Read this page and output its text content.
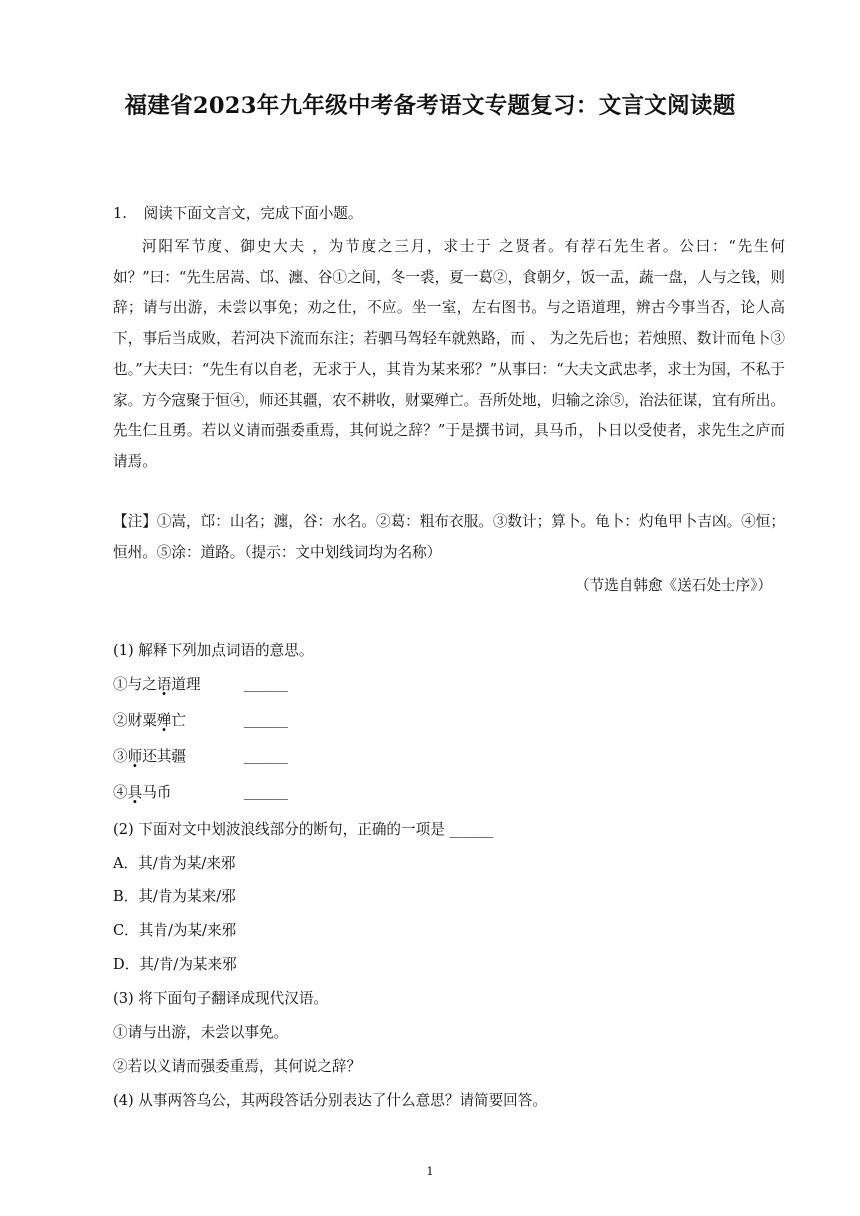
福建省2023年九年级中考备考语文专题复习：文言文阅读题
1. 阅读下面文言文，完成下面小题。
河阳军节度、御史大夫 ，为节度之三月，求士于 之贤者。有荐石先生者。公曰：“先生何如？”曰：“先生居嵩、邙、瀍、谷①之间，冬一裘，夏一葛②，食朝夕，饭一盂，蔬一盘，人与之钱，则辞；请与出游，未尝以事免；劝之仕，不应。坐一室，左右图书。与之语道理，辨古今事当否，论人高下，事后当成败，若河决下流而东注；若驷马驾轻车就熟路，而 、 为之先后也；若烛照、数计而龟卜③也。”大夫曰：“先生有以自老，无求于人，其肯为某来邪？”从事曰：“大夫文武忠孝，求士为国，不私于家。方今寇聚于恒④，师还其疆，农不耕收，财粟殚亡。吾所处地，归输之涂⑤，治法征谋，宜有所出。先生仁且勇。若以义请而强委重焉，其何说之辞？”于是撰书词，具马币，卜日以受使者，求先生之庐而请焉。
【注】①嵩，邙：山名；瀍，谷：水名。②葛：粗布衣服。③数计；算卜。龟卜：灼龟甲卜吉凶。④恒；恒州。⑤涂：道路。（提示：文中划线词均为名称）
（节选自韩愈《送石处士序》）
(1) 解释下列加点词语的意思。
①与之语道理	______
②财粟殚亡	______
③师还其疆	______
④具马币	______
(2) 下面对文中划波浪线部分的断句，正确的一项是 ______
A．其/肯为某/来邪
B．其/肯为某来/邪
C．其肯/为某/来邪
D．其/肯/为某来邪
(3) 将下面句子翻译成现代汉语。
①请与出游，未尝以事免。
②若以义请而强委重焉，其何说之辞？
(4) 从事两答乌公，其两段答话分别表达了什么意思？请简要回答。
1
